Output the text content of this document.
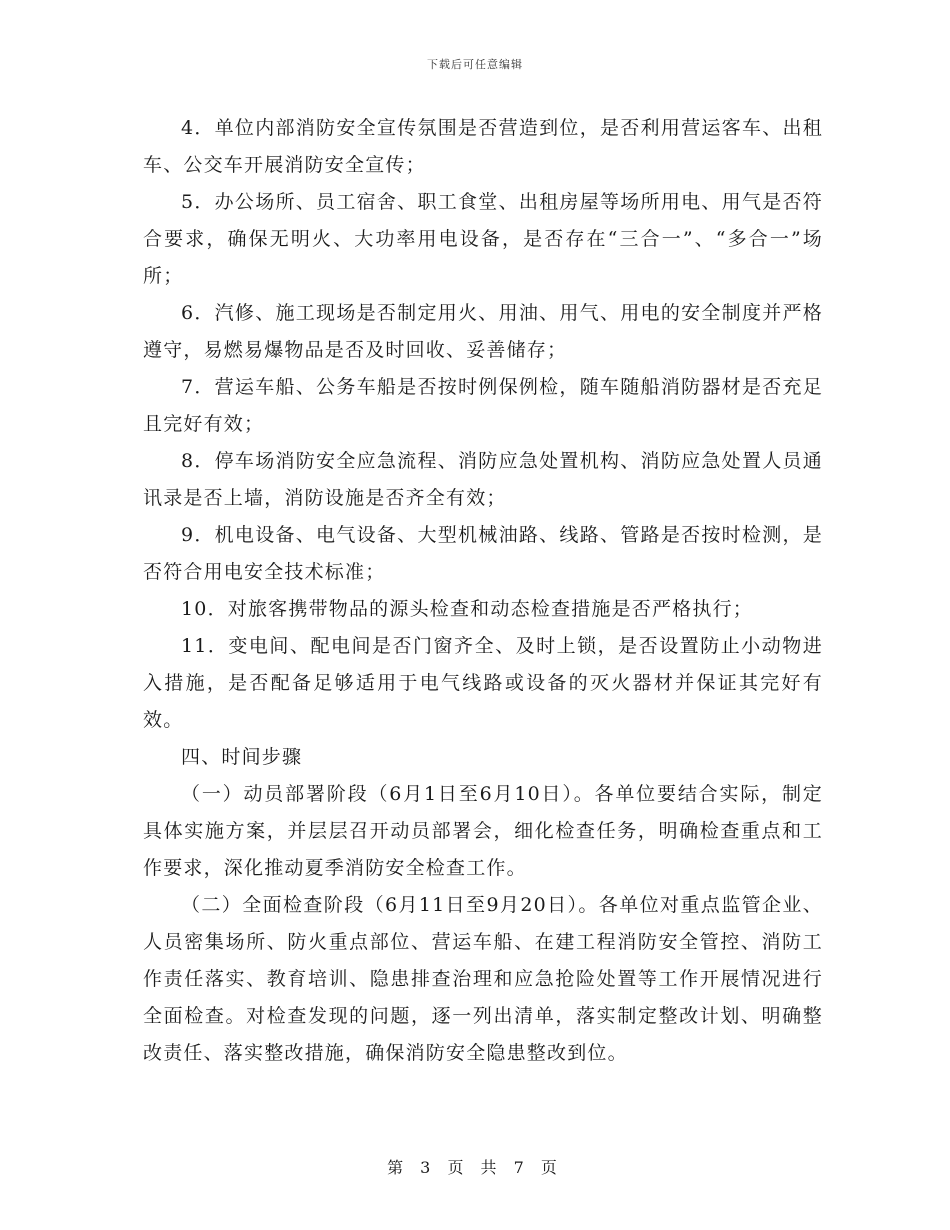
下载后可任意编辑

4．单位内部消防安全宣传氛围是否营造到位，是否利用营运客车、出租车、公交车开展消防安全宣传；

5．办公场所、员工宿舍、职工食堂、出租房屋等场所用电、用气是否符合要求，确保无明火、大功率用电设备，是否存在“三合一”、“多合一”场所；

6．汽修、施工现场是否制定用火、用油、用气、用电的安全制度并严格遵守，易燃易爆物品是否及时回收、妥善储存；

7．营运车船、公务车船是否按时例保例检，随车随船消防器材是否充足且完好有效；

8．停车场消防安全应急流程、消防应急处置机构、消防应急处置人员通讯录是否上墙，消防设施是否齐全有效；

9．机电设备、电气设备、大型机械油路、线路、管路是否按时检测，是否符合用电安全技术标准；

10．对旅客携带物品的源头检查和动态检查措施是否严格执行；

11．变电间、配电间是否门窗齐全、及时上锁，是否设置防止小动物进入措施，是否配备足够适用于电气线路或设备的灭火器材并保证其完好有效。

四、时间步骤

（一）动员部署阶段（6月1日至6月10日）。各单位要结合实际，制定具体实施方案，并层层召开动员部署会，细化检查任务，明确检查重点和工作要求，深化推动夏季消防安全检查工作。

（二）全面检查阶段（6月11日至9月20日）。各单位对重点监管企业、人员密集场所、防火重点部位、营运车船、在建工程消防安全管控、消防工作责任落实、教育培训、隐患排查治理和应急抢险处置等工作开展情况进行全面检查。对检查发现的问题，逐一列出清单，落实制定整改计划、明确整改责任、落实整改措施，确保消防安全隐患整改到位。

第 3 页 共 7 页
